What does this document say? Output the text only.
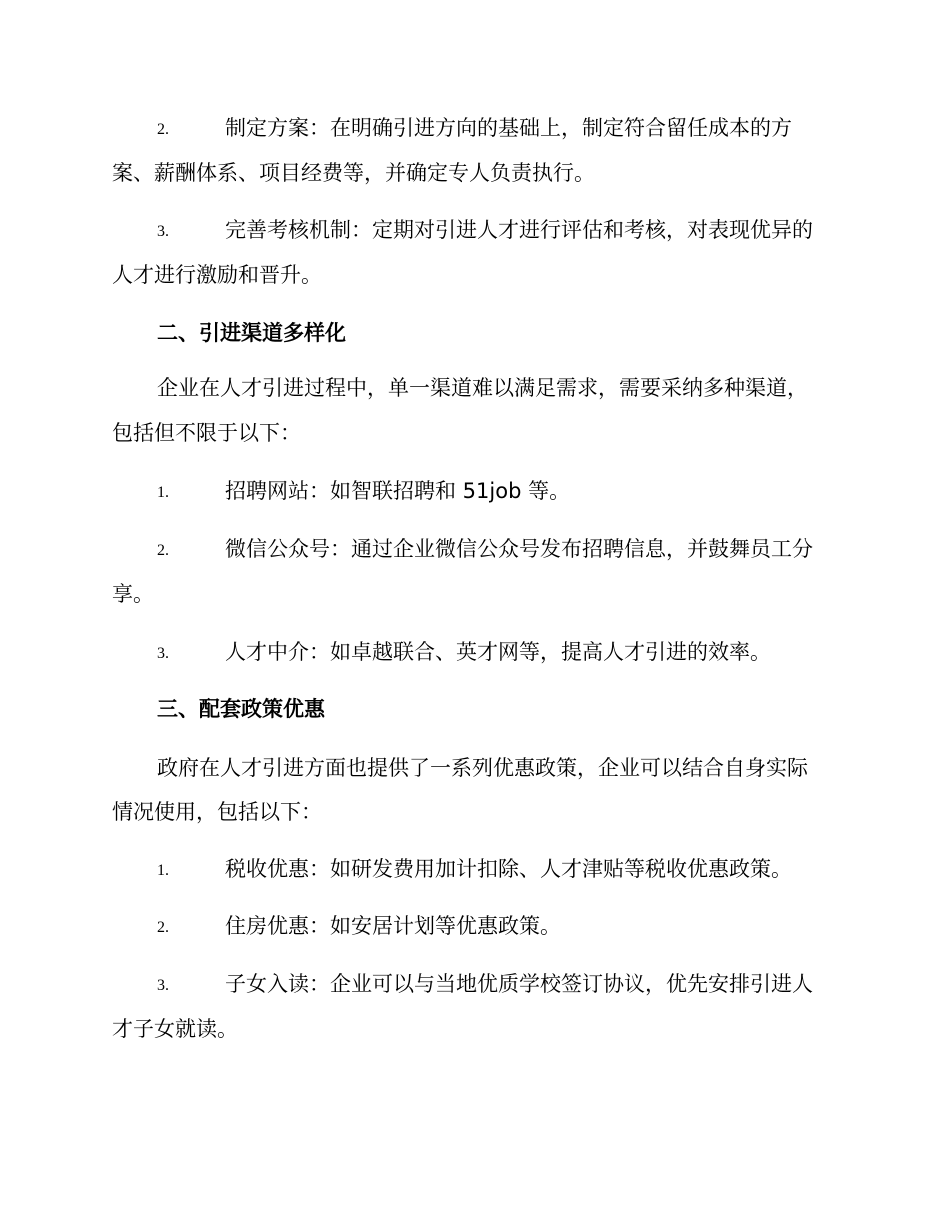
2.	制定方案：在明确引进方向的基础上，制定符合留任成本的方
案、薪酬体系、项目经费等，并确定专人负责执行。
3.	完善考核机制：定期对引进人才进行评估和考核，对表现优异的
人才进行激励和晋升。
二、引进渠道多样化
企业在人才引进过程中，单一渠道难以满足需求，需要采纳多种渠道，
包括但不限于以下：
1.	招聘网站：如智联招聘和 51job 等。
2.	微信公众号：通过企业微信公众号发布招聘信息，并鼓舞员工分
享。
3.	人才中介：如卓越联合、英才网等，提高人才引进的效率。
三、配套政策优惠
政府在人才引进方面也提供了一系列优惠政策，企业可以结合自身实际
情况使用，包括以下：
1.	税收优惠：如研发费用加计扣除、人才津贴等税收优惠政策。
2.	住房优惠：如安居计划等优惠政策。
3.	子女入读：企业可以与当地优质学校签订协议，优先安排引进人
才子女就读。
